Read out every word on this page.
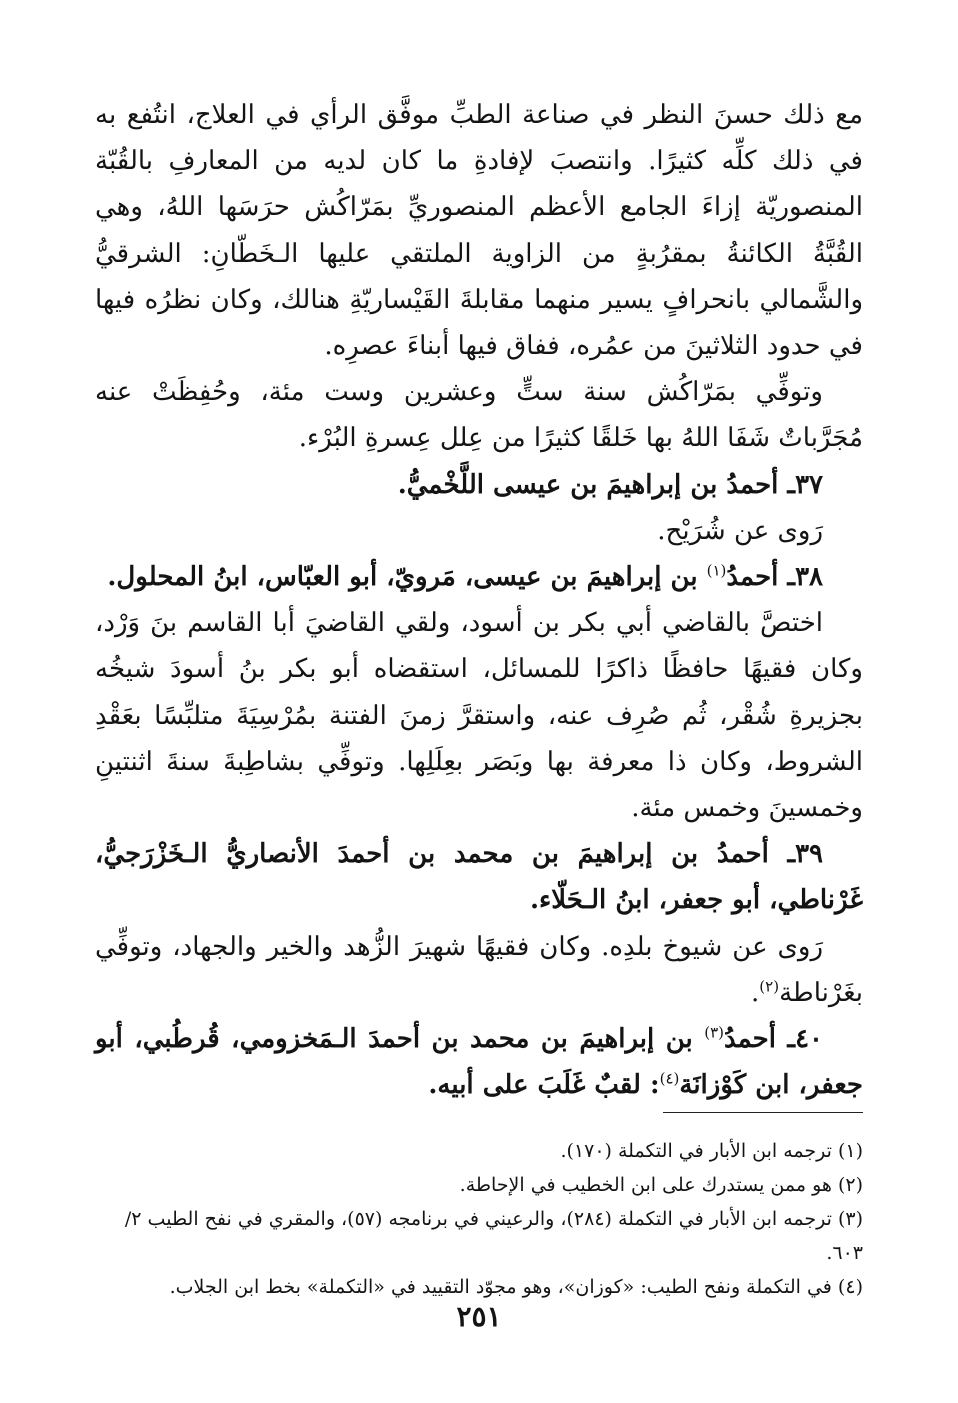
مع ذلك حسنَ النظر في صناعة الطبِّ موفَّق الرأي في العلاج، انتُفع به في ذلك كلِّه كثيرًا. وانتصبَ لإفادةِ ما كان لديه من المعارفِ بالقُبّة المنصوريّة إزاءَ الجامع الأعظم المنصوريِّ بمَرّاكُش حرَسَها اللهُ، وهي القُبَّةُ الكائنةُ بمقرُبةٍ من الزاوية الملتقي عليها الـخَطّانِ: الشرقيُّ والشَّمالي بانحرافٍ يسير منهما مقابلةَ القَيْساريّةِ هنالك، وكان نظرُه فيها في حدود الثلاثينَ من عمُره، ففاق فيها أبناءَ عصرِه.

وتوفِّي بمَرّاكُش سنة ستٍّ وعشرين وست مئة، وحُفِظَتْ عنه مُجَرَّباتٌ شَفَا اللهُ بها خَلقًا كثيرًا من عِلل عِسرةِ البُرْء.

٣٧ـ أحمدُ بن إبراهيمَ بن عيسى اللَّخْميُّ.

رَوى عن شُرَيْح.

٣٨ـ أحمدُ$^{(١)}$ بن إبراهيمَ بن عيسى، مَرويّ، أبو العبّاس، ابنُ المحلول.

اختصَّ بالقاضي أبي بكر بن أسود، ولقي القاضيَ أبا القاسم بنَ وَرْد، وكان فقيهًا حافظًا ذاكرًا للمسائل، استقضاه أبو بكر بنُ أسودَ شيخُه بجزيرةِ شُقْر، ثُم صُرِف عنه، واستقرَّ زمنَ الفتنة بمُرْسِيَةَ متلبِّسًا بعَقْدِ الشروط، وكان ذا معرفة بها وبَصَر بعِلَلِها. وتوفِّي بشاطِبةَ سنةَ اثنتينِ وخمسينَ وخمس مئة.

٣٩ـ أحمدُ بن إبراهيمَ بن محمد بن أحمدَ الأنصاريُّ الـخَزْرَجيُّ، غَرْناطي، أبو جعفر، ابنُ الـحَلّاء.

رَوى عن شيوخ بلدِه. وكان فقيهًا شهيرَ الزُّهد والخير والجهاد، وتوفِّي بغَرْناطة$^{(٢)}$.

٤٠ـ أحمدُ$^{(٣)}$ بن إبراهيمَ بن محمد بن أحمدَ الـمَخزومي، قُرطُبي، أبو جعفر، ابن كَوْزانَة$^{(٤)}$: لقبٌ غَلَبَ على أبيه.

(١) ترجمه ابن الأبار في التكملة (١٧٠).

(٢) هو ممن يستدرك على ابن الخطيب في الإحاطة.

(٣) ترجمه ابن الأبار في التكملة (٢٨٤)، والرعيني في برنامجه (٥٧)، والمقري في نفح الطيب ٢/ ٦٠٣.

(٤) في التكملة ونفح الطيب: «كوزان»، وهو مجوّد التقييد في «التكملة» بخط ابن الجلاب.

٢٥١
